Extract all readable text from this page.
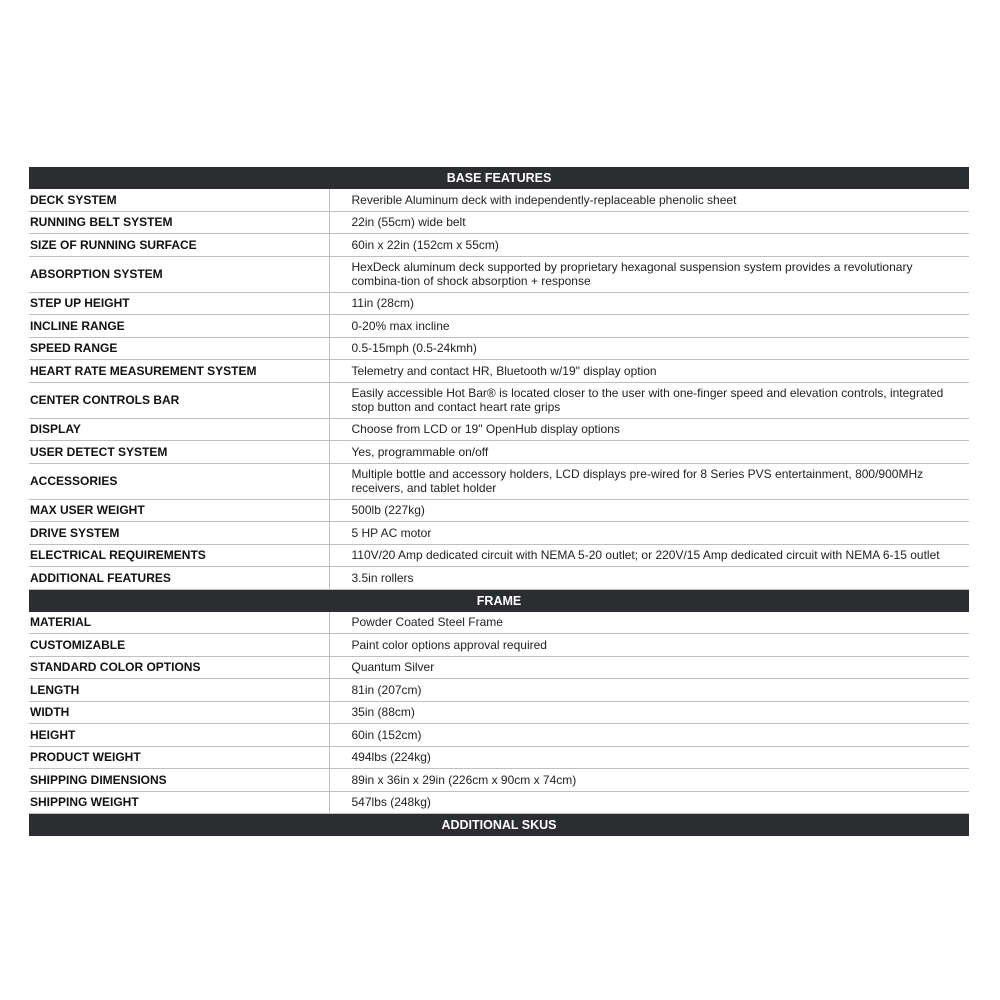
BASE FEATURES	
DECK SYSTEM	Reverible Aluminum deck with independently-replaceable phenolic sheet
RUNNING BELT SYSTEM	22in (55cm) wide belt
SIZE OF RUNNING SURFACE	60in x 22in (152cm x 55cm)
ABSORPTION SYSTEM	HexDeck aluminum deck supported by proprietary hexagonal suspension system provides a revolutionary combina-tion of shock absorption + response
STEP UP HEIGHT	11in (28cm)
INCLINE RANGE	0-20% max incline
SPEED RANGE	0.5-15mph (0.5-24kmh)
HEART RATE MEASUREMENT SYSTEM	Telemetry and contact HR, Bluetooth w/19" display option
CENTER CONTROLS BAR	Easily accessible Hot Bar® is located closer to the user with one-finger speed and elevation controls, integrated stop button and contact heart rate grips
DISPLAY	Choose from LCD or 19" OpenHub display options
USER DETECT SYSTEM	Yes, programmable on/off
ACCESSORIES	Multiple bottle and accessory holders, LCD displays pre-wired for 8 Series PVS entertainment, 800/900MHz receivers, and tablet holder
MAX USER WEIGHT	500lb (227kg)
DRIVE SYSTEM	5 HP AC motor
ELECTRICAL REQUIREMENTS	110V/20 Amp dedicated circuit with NEMA 5-20 outlet; or 220V/15 Amp dedicated circuit with NEMA 6-15 outlet
ADDITIONAL FEATURES	3.5in rollers
FRAME	
MATERIAL	Powder Coated Steel Frame
CUSTOMIZABLE	Paint color options approval required
STANDARD COLOR OPTIONS	Quantum Silver
LENGTH	81in (207cm)
WIDTH	35in (88cm)
HEIGHT	60in (152cm)
PRODUCT WEIGHT	494lbs (224kg)
SHIPPING DIMENSIONS	89in x 36in x 29in (226cm x 90cm x 74cm)
SHIPPING WEIGHT	547lbs (248kg)
ADDITIONAL SKUS	
